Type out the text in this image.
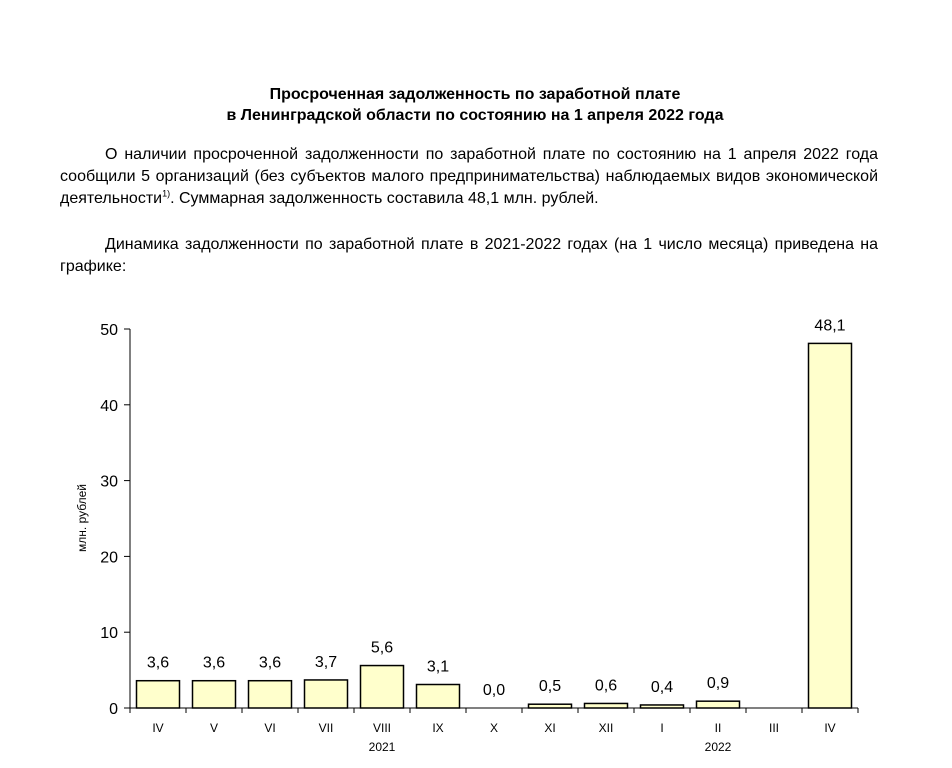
Просроченная задолженность по заработной плате
в Ленинградской области по состоянию на 1 апреля 2022 года
О наличии просроченной задолженности по заработной плате по состоянию на 1 апреля 2022 года сообщили 5 организаций (без субъектов малого предпринимательства) наблюдаемых видов экономической деятельности$^{1)}$. Суммарная задолженность составила 48,1 млн. рублей.
Динамика задолженности по заработной плате в 2021-2022 годах (на 1 число месяца) приведена на графике:
0
10
20
30
40
50
млн. рублей
3,6
IV
3,6
V
3,6
VI
3,7
VII
5,6
VIII
3,1
IX
0,0
X
0,5
XI
0,6
XII
0,4
I
0,9
II	III
48,1
IV
2021	2022
